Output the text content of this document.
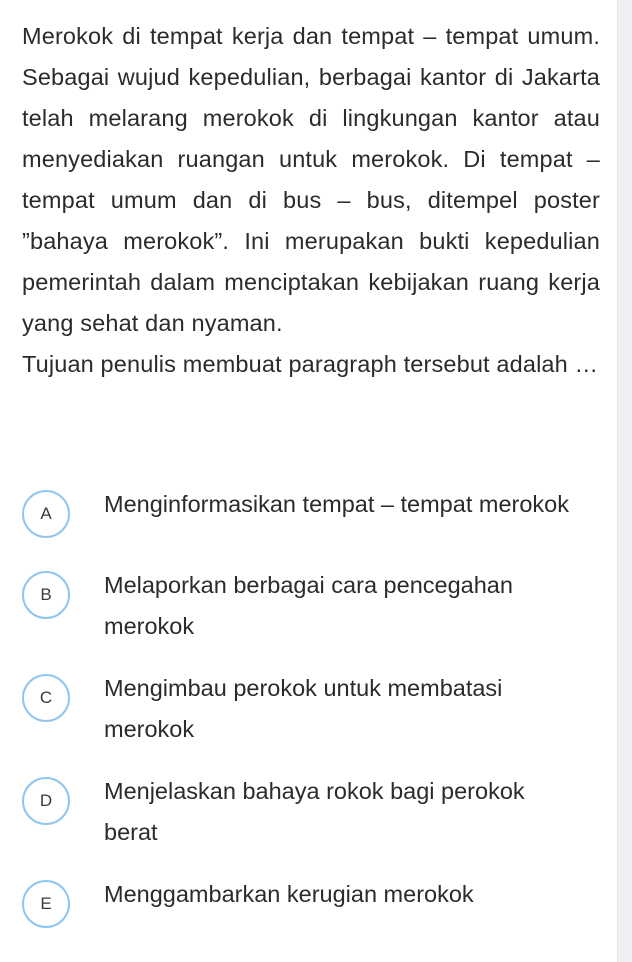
Merokok di tempat kerja dan tempat – tempat umum. Sebagai wujud kepedulian, berbagai kantor di Jakarta telah melarang merokok di lingkungan kantor atau menyediakan ruangan untuk merokok. Di tempat – tempat umum dan di bus – bus, ditempel poster ”bahaya merokok”. Ini merupakan bukti kepedulian pemerintah dalam menciptakan kebijakan ruang kerja yang sehat dan nyaman.

Tujuan penulis membuat paragraph tersebut adalah …

A	Menginformasikan tempat – tempat merokok
B	Melaporkan berbagai cara pencegahan merokok
C	Mengimbau perokok untuk membatasi merokok
D	Menjelaskan bahaya rokok bagi perokok berat
E	Menggambarkan kerugian merokok
